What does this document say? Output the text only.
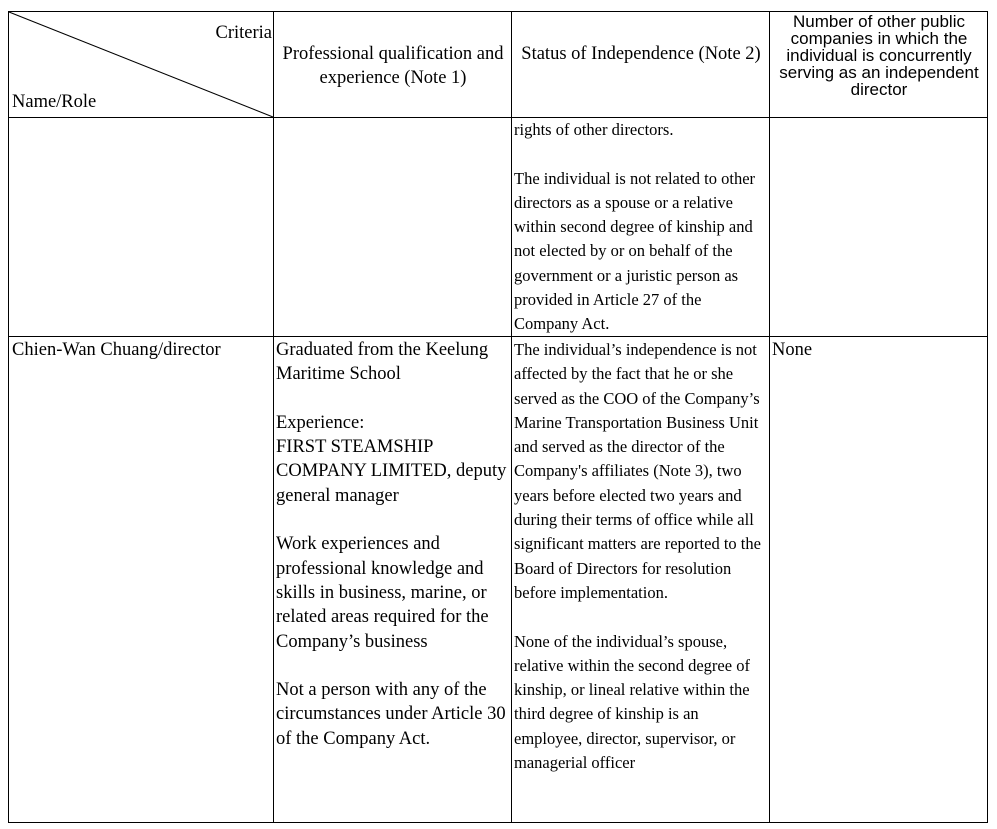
Criteria
Name/Role
Professional qualification and experience (Note 1)
Status of Independence (Note 2)
Number of other public companies in which the individual is concurrently serving as an independent director
rights of other directors.

The individual is not related to other directors as a spouse or a relative within second degree of kinship and not elected by or on behalf of the government or a juristic person as provided in Article 27 of the Company Act.
Chien-Wan Chuang/director	Graduated from the Keelung Maritime School

Experience:
FIRST STEAMSHIP COMPANY LIMITED, deputy general manager

Work experiences and professional knowledge and skills in business, marine, or related areas required for the Company’s business

Not a person with any of the circumstances under Article 30 of the Company Act.
The individual’s independence is not affected by the fact that he or she served as the COO of the Company’s Marine Transportation Business Unit and served as the director of the Company's affiliates (Note 3), two years before elected two years and during their terms of office while all significant matters are reported to the Board of Directors for resolution before implementation.

None of the individual’s spouse, relative within the second degree of kinship, or lineal relative within the third degree of kinship is an employee, director, supervisor, or managerial officer
None
